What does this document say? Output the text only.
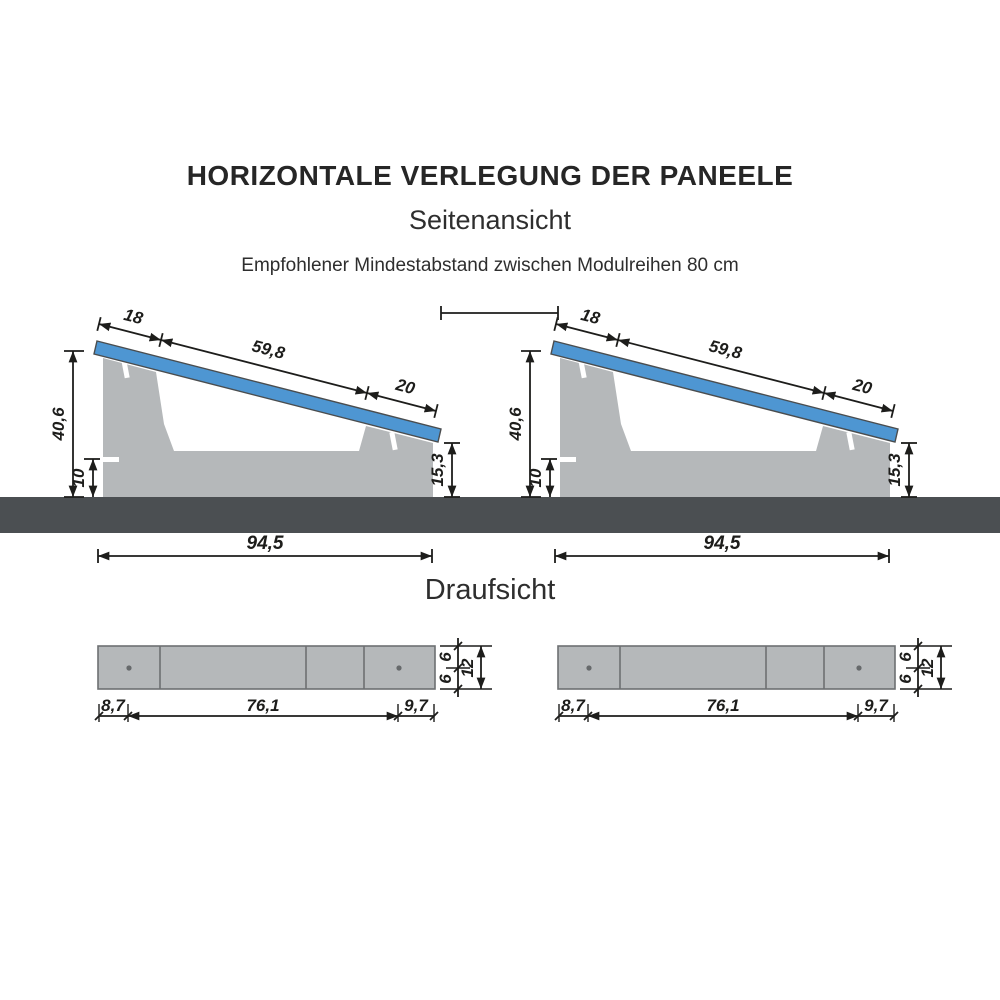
HORIZONTALE VERLEGUNG DER PANEELE
Seitenansicht
Empfohlener Mindestabstand zwischen Modulreihen 80 cm
Draufsicht
18
59,8
20
40,6
10	15,3
94,5
18
59,8
20
40,6
10	15,3
94,5
8,7	76,1	9,7
6
6
12
8,7	76,1	9,7
6
6
12
